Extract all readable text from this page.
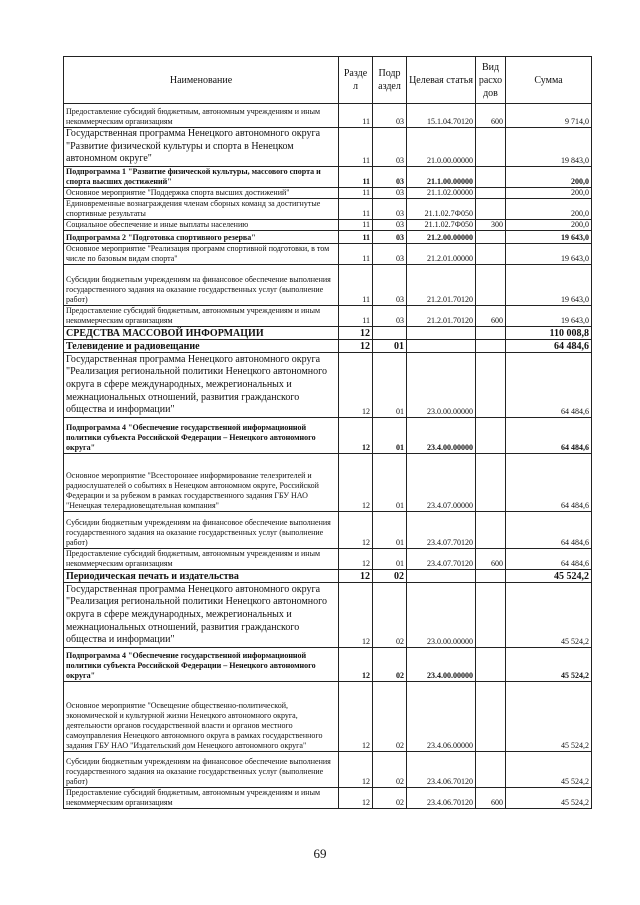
Наименование	Разде л	Подр аздел	Целевая статья	Вид расхо дов	Сумма
Предоставление субсидий бюджетным, автономным учреждениям и иным некоммерческим организациям	11	03	15.1.04.70120	600	9 714,0
Государственная программа Ненецкого автономного округа "Развитие физической культуры и спорта в Ненецком автономном округе"	11	03	21.0.00.00000		19 843,0
Подпрограмма 1 "Развитие физической культуры, массового спорта и спорта высших достижений"	11	03	21.1.00.00000		200,0
Основное мероприятие "Поддержка спорта высших достижений"	11	03	21.1.02.00000		200,0
Единовременные вознаграждения членам сборных команд за достигнутые спортивные результаты	11	03	21.1.02.7Ф050		200,0
Социальное обеспечение и иные выплаты населению	11	03	21.1.02.7Ф050	300	200,0
Подпрограмма 2 "Подготовка спортивного резерва"	11	03	21.2.00.00000		19 643,0
Основное мероприятие "Реализация программ спортивной подготовки, в том числе по базовым видам спорта"	11	03	21.2.01.00000		19 643,0
Субсидии бюджетным учреждениям на финансовое обеспечение выполнения государственного задания на оказание государственных услуг (выполнение работ)	11	03	21.2.01.70120		19 643,0
Предоставление субсидий бюджетным, автономным учреждениям и иным некоммерческим организациям	11	03	21.2.01.70120	600	19 643,0
СРЕДСТВА МАССОВОЙ ИНФОРМАЦИИ	12				110 008,8
Телевидение и радиовещание	12	01			64 484,6
Государственная программа Ненецкого автономного округа "Реализация региональной политики Ненецкого автономного округа в сфере международных, межрегиональных и межнациональных отношений, развития гражданского общества и информации"	12	01	23.0.00.00000		64 484,6
Подпрограмма 4 "Обеспечение государственной информационной политики субъекта Российской Федерации – Ненецкого автономного округа"	12	01	23.4.00.00000		64 484,6
Основное мероприятие "Всестороннее информирование телезрителей и радиослушателей о событиях в Ненецком автономном округе, Российской Федерации и за рубежом в рамках государственного задания ГБУ НАО "Ненецкая телерадиовещательная компания"	12	01	23.4.07.00000		64 484,6
Субсидии бюджетным учреждениям на финансовое обеспечение выполнения государственного задания на оказание государственных услуг (выполнение работ)	12	01	23.4.07.70120		64 484,6
Предоставление субсидий бюджетным, автономным учреждениям и иным некоммерческим организациям	12	01	23.4.07.70120	600	64 484,6
Периодическая печать и издательства	12	02			45 524,2
Государственная программа Ненецкого автономного округа "Реализация региональной политики Ненецкого автономного округа в сфере международных, межрегиональных и межнациональных отношений, развития гражданского общества и информации"	12	02	23.0.00.00000		45 524,2
Подпрограмма 4 "Обеспечение государственной информационной политики субъекта Российской Федерации – Ненецкого автономного округа"	12	02	23.4.00.00000		45 524,2
Основное мероприятие "Освещение общественно-политической, экономической и культурной жизни Ненецкого автономного округа, деятельности органов государственной власти и органов местного самоуправления Ненецкого автономного округа в рамках государственного задания ГБУ НАО "Издательский дом Ненецкого автономного округа"	12	02	23.4.06.00000		45 524,2
Субсидии бюджетным учреждениям на финансовое обеспечение выполнения государственного задания на оказание государственных услуг (выполнение работ)	12	02	23.4.06.70120		45 524,2
Предоставление субсидий бюджетным, автономным учреждениям и иным некоммерческим организациям	12	02	23.4.06.70120	600	45 524,2
69
